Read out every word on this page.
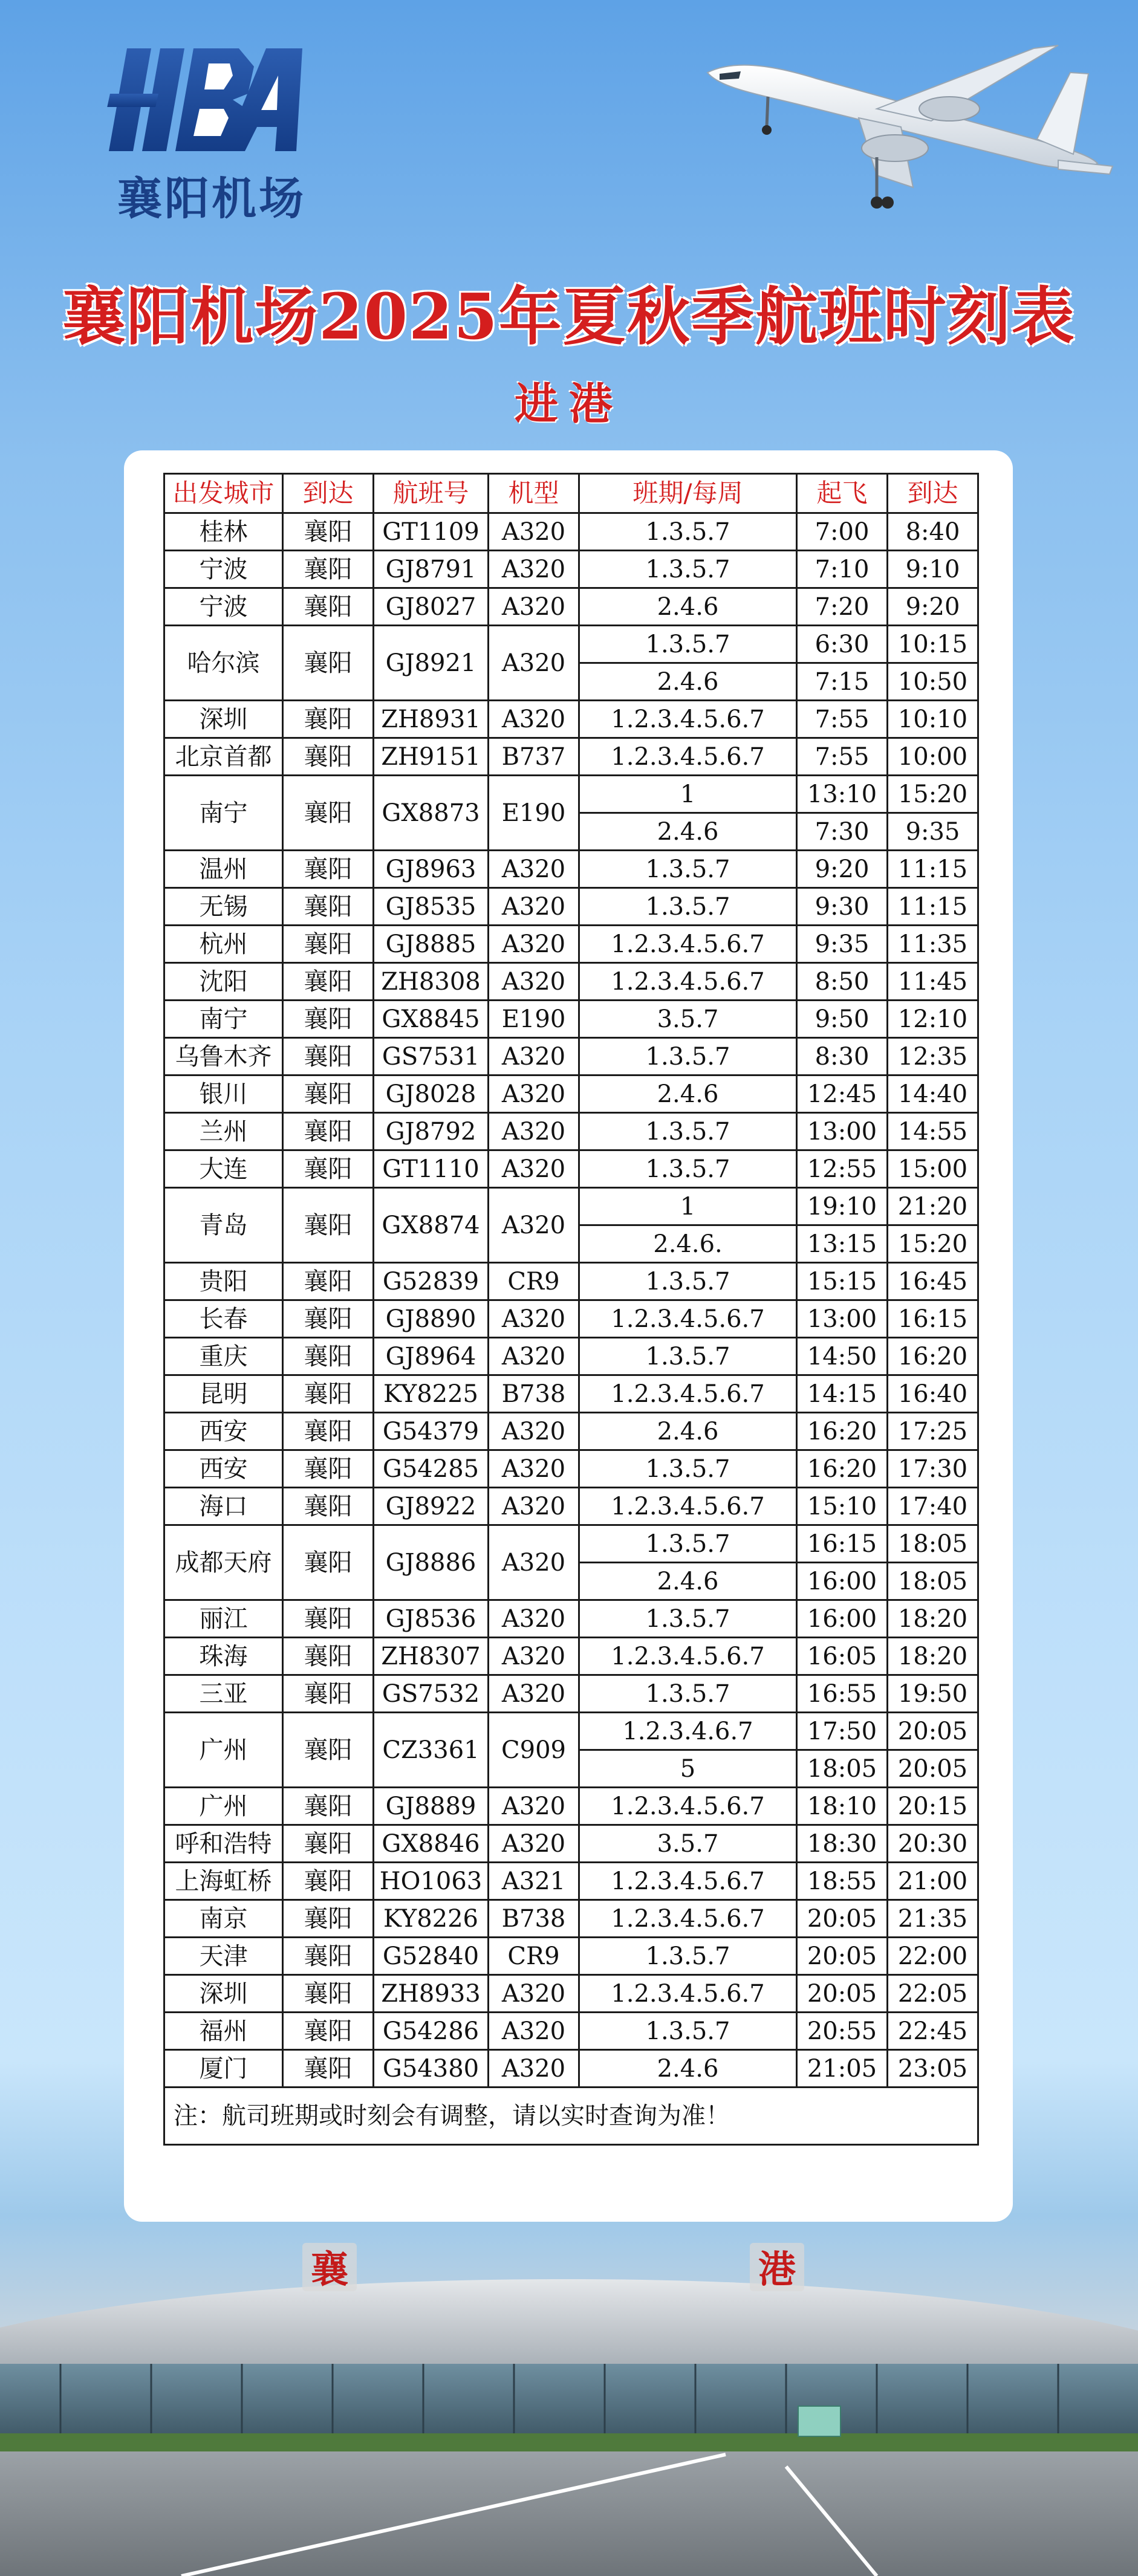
襄阳机场
襄阳机场2025年夏秋季航班时刻表
进港
出发城市	到达	航班号	机型	班期/每周	起飞	到达
桂林	襄阳	GT1109	A320	1.3.5.7	7:00	8:40
宁波	襄阳	GJ8791	A320	1.3.5.7	7:10	9:10
宁波	襄阳	GJ8027	A320	2.4.6	7:20	9:20
哈尔滨	襄阳	GJ8921	A320	1.3.5.7	6:30	10:15
				2.4.6	7:15	10:50
深圳	襄阳	ZH8931	A320	1.2.3.4.5.6.7	7:55	10:10
北京首都	襄阳	ZH9151	B737	1.2.3.4.5.6.7	7:55	10:00
南宁	襄阳	GX8873	E190	1	13:10	15:20
				2.4.6	7:30	9:35
温州	襄阳	GJ8963	A320	1.3.5.7	9:20	11:15
无锡	襄阳	GJ8535	A320	1.3.5.7	9:30	11:15
杭州	襄阳	GJ8885	A320	1.2.3.4.5.6.7	9:35	11:35
沈阳	襄阳	ZH8308	A320	1.2.3.4.5.6.7	8:50	11:45
南宁	襄阳	GX8845	E190	3.5.7	9:50	12:10
乌鲁木齐	襄阳	GS7531	A320	1.3.5.7	8:30	12:35
银川	襄阳	GJ8028	A320	2.4.6	12:45	14:40
兰州	襄阳	GJ8792	A320	1.3.5.7	13:00	14:55
大连	襄阳	GT1110	A320	1.3.5.7	12:55	15:00
青岛	襄阳	GX8874	A320	1	19:10	21:20
				2.4.6.	13:15	15:20
贵阳	襄阳	G52839	CR9	1.3.5.7	15:15	16:45
长春	襄阳	GJ8890	A320	1.2.3.4.5.6.7	13:00	16:15
重庆	襄阳	GJ8964	A320	1.3.5.7	14:50	16:20
昆明	襄阳	KY8225	B738	1.2.3.4.5.6.7	14:15	16:40
西安	襄阳	G54379	A320	2.4.6	16:20	17:25
西安	襄阳	G54285	A320	1.3.5.7	16:20	17:30
海口	襄阳	GJ8922	A320	1.2.3.4.5.6.7	15:10	17:40
成都天府	襄阳	GJ8886	A320	1.3.5.7	16:15	18:05
				2.4.6	16:00	18:05
丽江	襄阳	GJ8536	A320	1.3.5.7	16:00	18:20
珠海	襄阳	ZH8307	A320	1.2.3.4.5.6.7	16:05	18:20
三亚	襄阳	GS7532	A320	1.3.5.7	16:55	19:50
广州	襄阳	CZ3361	C909	1.2.3.4.6.7	17:50	20:05
				5	18:05	20:05
广州	襄阳	GJ8889	A320	1.2.3.4.5.6.7	18:10	20:15
呼和浩特	襄阳	GX8846	A320	3.5.7	18:30	20:30
上海虹桥	襄阳	HO1063	A321	1.2.3.4.5.6.7	18:55	21:00
南京	襄阳	KY8226	B738	1.2.3.4.5.6.7	20:05	21:35
天津	襄阳	G52840	CR9	1.3.5.7	20:05	22:00
深圳	襄阳	ZH8933	A320	1.2.3.4.5.6.7	20:05	22:05
福州	襄阳	G54286	A320	1.3.5.7	20:55	22:45
厦门	襄阳	G54380	A320	2.4.6	21:05	23:05
注：航司班期或时刻会有调整，请以实时查询为准！						
襄	港
